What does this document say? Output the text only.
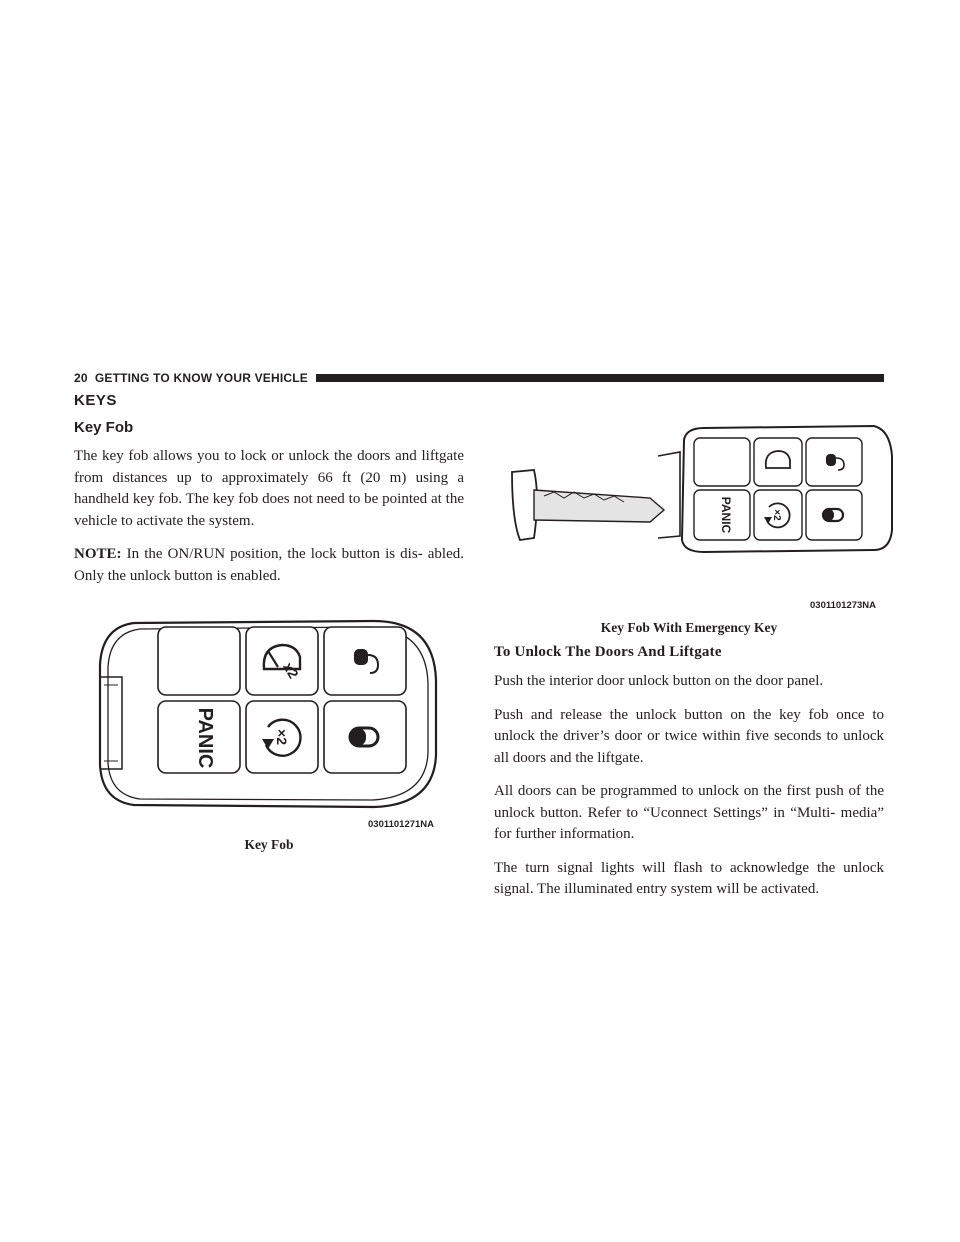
20 GETTING TO KNOW YOUR VEHICLE
KEYS
Key Fob

The key fob allows you to lock or unlock the doors and liftgate from distances up to approximately 66 ft (20 m) using a handheld key fob. The key fob does not need to be pointed at the vehicle to activate the system.

NOTE: In the ON/RUN position, the lock button is dis- abled. Only the unlock button is enabled.

x2
PANIC	×2
0301101271NA
Key Fob
PANIC	×2
0301101273NA
Key Fob With Emergency Key
To Unlock The Doors And Liftgate

Push the interior door unlock button on the door panel.

Push and release the unlock button on the key fob once to unlock the driver’s door or twice within five seconds to unlock all doors and the liftgate.

All doors can be programmed to unlock on the first push of the unlock button. Refer to “Uconnect Settings” in “Multi- media” for further information.

The turn signal lights will flash to acknowledge the unlock signal. The illuminated entry system will be activated.
